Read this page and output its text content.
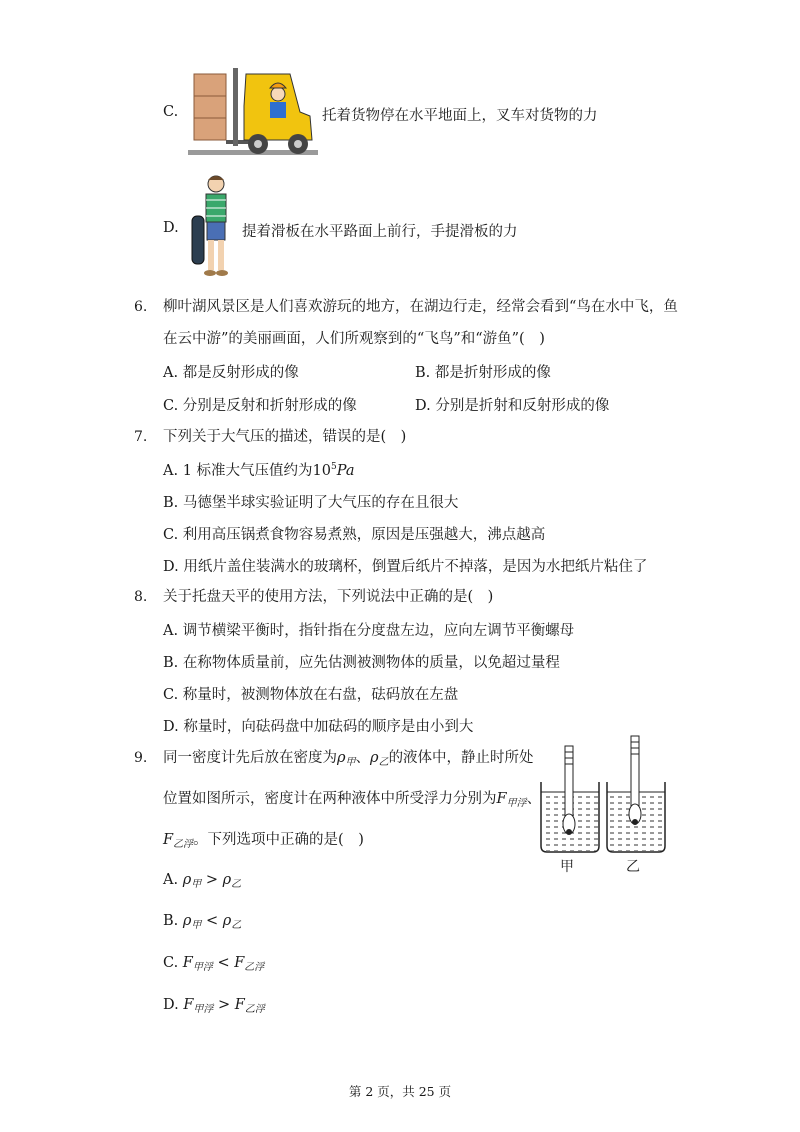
C.	托着货物停在水平地面上，叉车对货物的力
D.	提着滑板在水平路面上前行，手提滑板的力
6. 柳叶湖风景区是人们喜欢游玩的地方，在湖边行走，经常会看到“鸟在水中飞，鱼
在云中游”的美丽画面，人们所观察到的“飞鸟”和“游鱼”(　)
A. 都是反射形成的像	B. 都是折射形成的像
C. 分别是反射和折射形成的像	D. 分别是折射和反射形成的像
7. 下列关于大气压的描述，错误的是(　)
A. 1 标准大气压值约为$10^5Pa$
B. 马德堡半球实验证明了大气压的存在且很大
C. 利用高压锅煮食物容易煮熟，原因是压强越大，沸点越高
D. 用纸片盖住装满水的玻璃杯，倒置后纸片不掉落，是因为水把纸片粘住了
8. 关于托盘天平的使用方法，下列说法中正确的是(　)
A. 调节横梁平衡时，指针指在分度盘左边，应向左调节平衡螺母
B. 在称物体质量前，应先估测被测物体的质量，以免超过量程
C. 称量时，被测物体放在右盘，砝码放在左盘
D. 称量时，向砝码盘中加砝码的顺序是由小到大
9. 同一密度计先后放在密度为$\rho_甲$、$\rho_乙$的液体中，静止时所处
位置如图所示，密度计在两种液体中所受浮力分别为$F_{甲浮}$、
$F_{乙浮}$。下列选项中正确的是(　)
A. $\rho_甲 > \rho_乙$
B. $\rho_甲 < \rho_乙$
C. $F_{甲浮} < F_{乙浮}$
D. $F_{甲浮} > F_{乙浮}$
甲	乙
第 2 页，共 25 页
